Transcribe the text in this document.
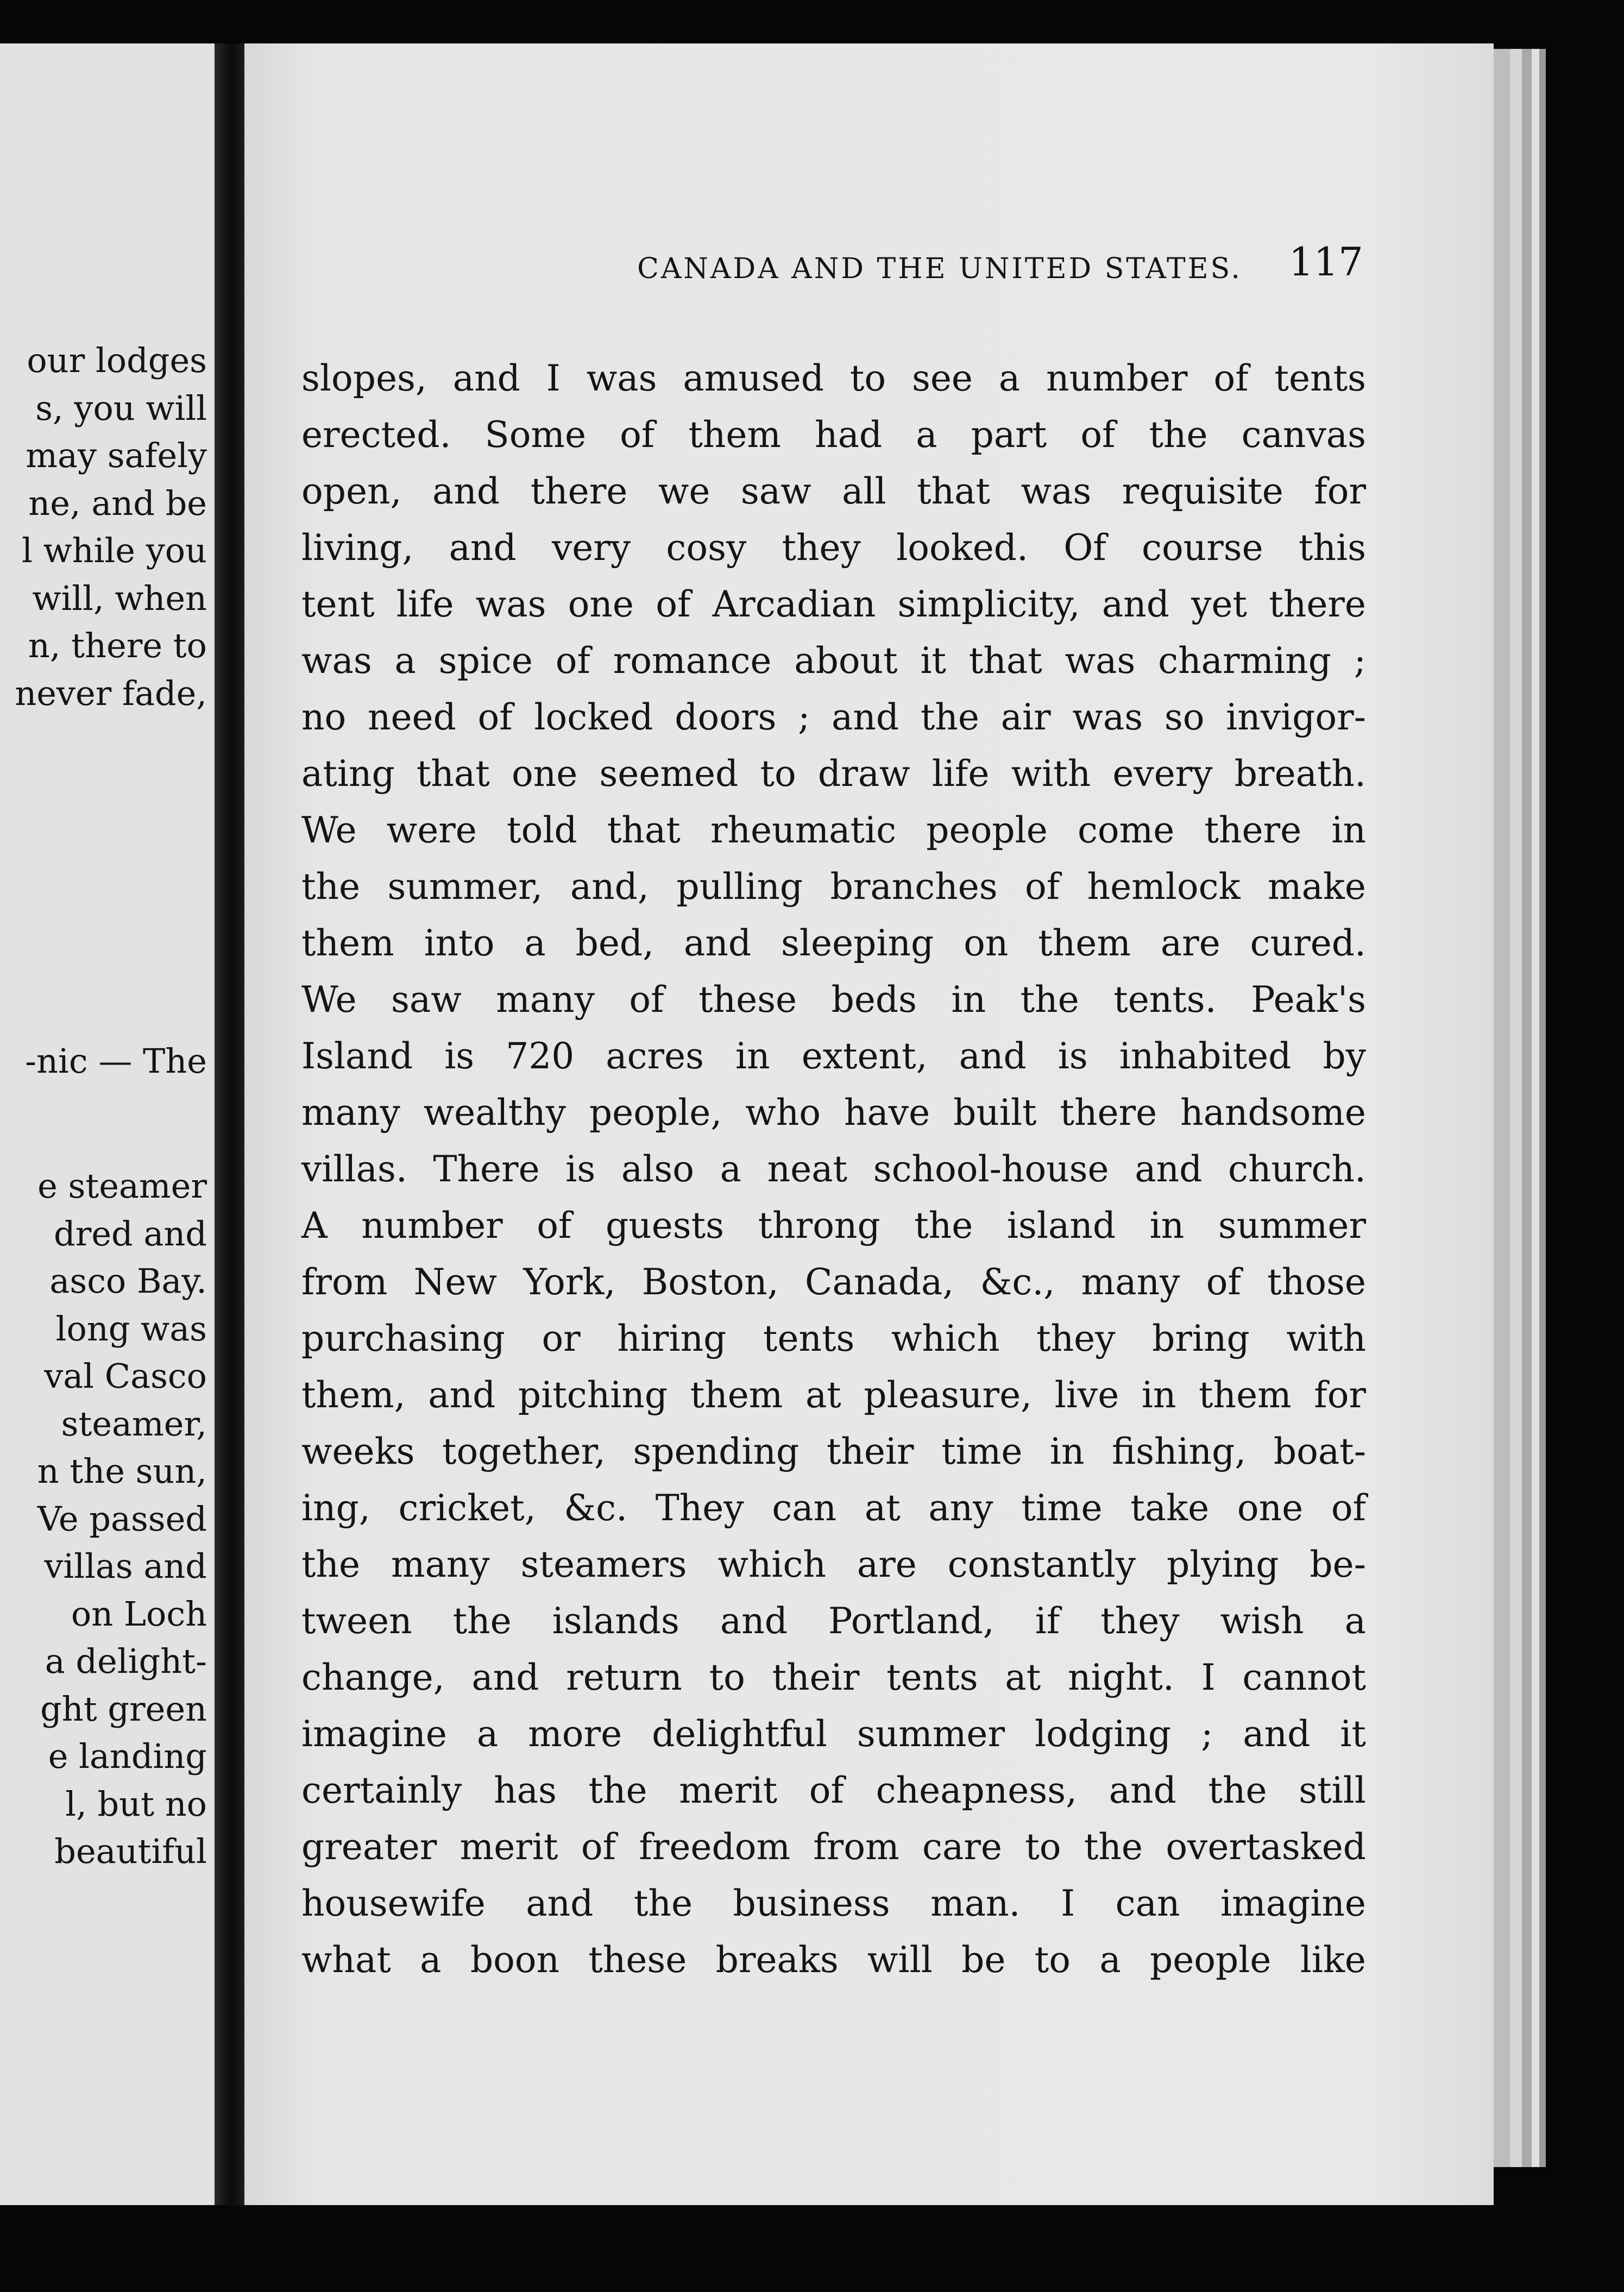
our lodges
s, you will
may safely
ne, and be
l while you
will, when
n, there to
never fade,
-nic — The
e steamer
dred and
asco Bay.
long was
val Casco
steamer,
n the sun,
Ve passed
villas and
on Loch
a delight-
ght green
e landing
l, but no
beautiful
CANADA AND THE UNITED STATES.	117
slopes, and I was amused to see a number of tents
erected. Some of them had a part of the canvas
open, and there we saw all that was requisite for
living, and very cosy they looked. Of course this
tent life was one of Arcadian simplicity, and yet there
was a spice of romance about it that was charming ;
no need of locked doors ; and the air was so invigor-
ating that one seemed to draw life with every breath.
We were told that rheumatic people come there in
the summer, and, pulling branches of hemlock make
them into a bed, and sleeping on them are cured.
We saw many of these beds in the tents. Peak's
Island is 720 acres in extent, and is inhabited by
many wealthy people, who have built there handsome
villas. There is also a neat school-house and church.
A number of guests throng the island in summer
from New York, Boston, Canada, &c., many of those
purchasing or hiring tents which they bring with
them, and pitching them at pleasure, live in them for
weeks together, spending their time in fishing, boat-
ing, cricket, &c. They can at any time take one of
the many steamers which are constantly plying be-
tween the islands and Portland, if they wish a
change, and return to their tents at night. I cannot
imagine a more delightful summer lodging ; and it
certainly has the merit of cheapness, and the still
greater merit of freedom from care to the overtasked
housewife and the business man. I can imagine
what a boon these breaks will be to a people like
